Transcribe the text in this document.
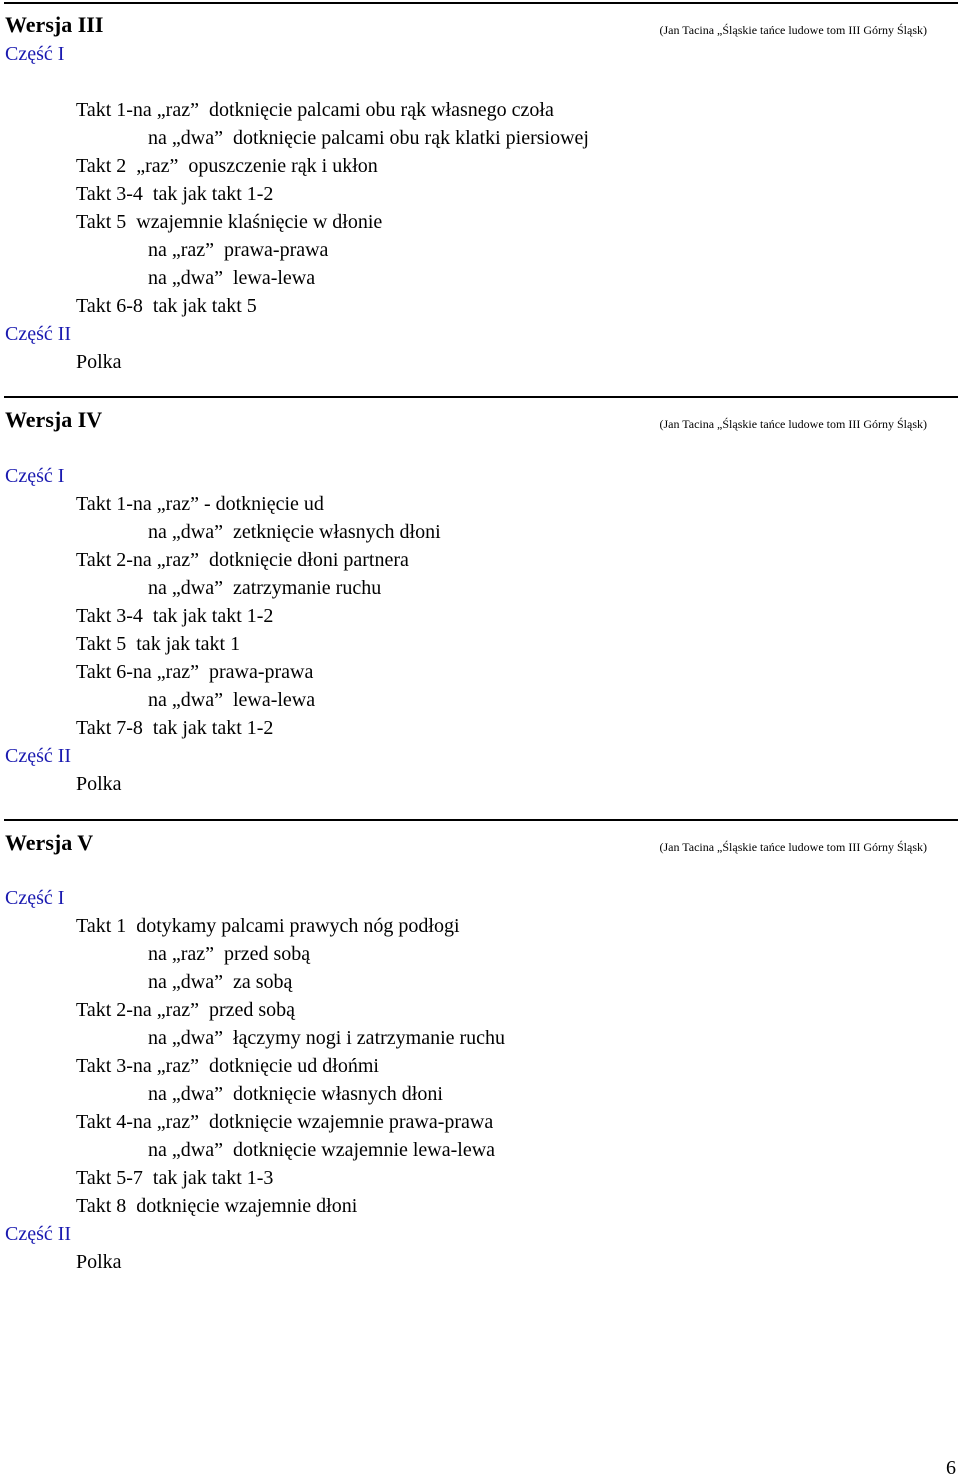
Wersja III	(Jan Tacina „Śląskie tańce ludowe tom III Górny Śląsk)
Część I
Takt 1-na „raz”  dotknięcie palcami obu rąk własnego czoła
na „dwa”  dotknięcie palcami obu rąk klatki piersiowej
Takt 2  „raz”  opuszczenie rąk i ukłon
Takt 3-4  tak jak takt 1-2
Takt 5  wzajemnie klaśnięcie w dłonie
na „raz”  prawa-prawa
na „dwa”  lewa-lewa
Takt 6-8  tak jak takt 5
Część II
Polka
Wersja IV	(Jan Tacina „Śląskie tańce ludowe tom III Górny Śląsk)
Część I
Takt 1-na „raz” - dotknięcie ud
na „dwa”  zetknięcie własnych dłoni
Takt 2-na „raz”  dotknięcie dłoni partnera
na „dwa”  zatrzymanie ruchu
Takt 3-4  tak jak takt 1-2
Takt 5  tak jak takt 1
Takt 6-na „raz”  prawa-prawa
na „dwa”  lewa-lewa
Takt 7-8  tak jak takt 1-2
Część II
Polka
Wersja V	(Jan Tacina „Śląskie tańce ludowe tom III Górny Śląsk)
Część I
Takt 1  dotykamy palcami prawych nóg podłogi
na „raz”  przed sobą
na „dwa”  za sobą
Takt 2-na „raz”  przed sobą
na „dwa”  łączymy nogi i zatrzymanie ruchu
Takt 3-na „raz”  dotknięcie ud dłońmi
na „dwa”  dotknięcie własnych dłoni
Takt 4-na „raz”  dotknięcie wzajemnie prawa-prawa
na „dwa”  dotknięcie wzajemnie lewa-lewa
Takt 5-7  tak jak takt 1-3
Takt 8  dotknięcie wzajemnie dłoni
Część II
Polka
6
